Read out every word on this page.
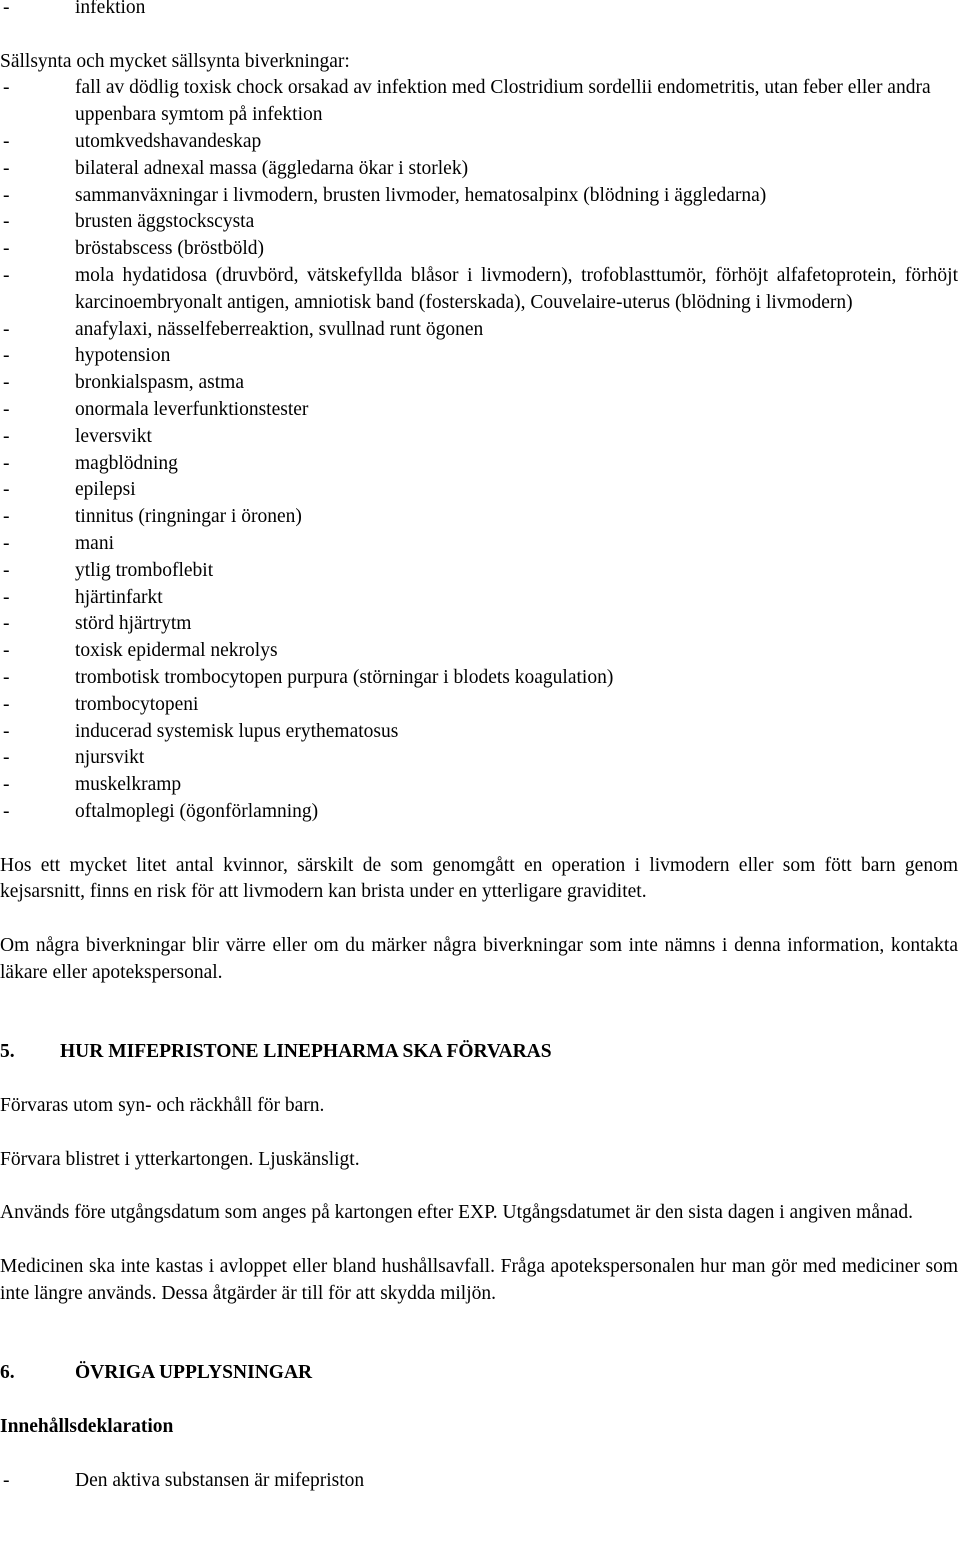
-	infektion

Sällsynta och mycket sällsynta biverkningar:

-	fall av dödlig toxisk chock orsakad av infektion med Clostridium sordellii endometritis, utan feber eller andra uppenbara symtom på infektion
-	utomkvedshavandeskap
-	bilateral adnexal massa (äggledarna ökar i storlek)
-	sammanväxningar i livmodern, brusten livmoder, hematosalpinx (blödning i äggledarna)
-	brusten äggstockscysta
-	bröstabscess (bröstböld)
-	mola hydatidosa (druvbörd, vätskefyllda blåsor i livmodern), trofoblasttumör, förhöjt alfafetoprotein, förhöjt karcinoembryonalt antigen, amniotisk band (fosterskada), Couvelaire-uterus (blödning i livmodern)
-	anafylaxi, nässelfeberreaktion, svullnad runt ögonen
-	hypotension
-	bronkialspasm, astma
-	onormala leverfunktionstester
-	leversvikt
-	magblödning
-	epilepsi
-	tinnitus (ringningar i öronen)
-	mani
-	ytlig tromboflebit
-	hjärtinfarkt
-	störd hjärtrytm
-	toxisk epidermal nekrolys
-	trombotisk trombocytopen purpura (störningar i blodets koagulation)
-	trombocytopeni
-	inducerad systemisk lupus erythematosus
-	njursvikt
-	muskelkramp
-	oftalmoplegi (ögonförlamning)

Hos ett mycket litet antal kvinnor, särskilt de som genomgått en operation i livmodern eller som fött barn genom kejsarsnitt, finns en risk för att livmodern kan brista under en ytterligare graviditet.

Om några biverkningar blir värre eller om du märker några biverkningar som inte nämns i denna information, kontakta läkare eller apotekspersonal.

5. HUR MIFEPRISTONE LINEPHARMA SKA FÖRVARAS

Förvaras utom syn- och räckhåll för barn.

Förvara blistret i ytterkartongen. Ljuskänsligt.

Används före utgångsdatum som anges på kartongen efter EXP. Utgångsdatumet är den sista dagen i angiven månad.

Medicinen ska inte kastas i avloppet eller bland hushållsavfall. Fråga apotekspersonalen hur man gör med mediciner som inte längre används. Dessa åtgärder är till för att skydda miljön.

6.	ÖVRIGA UPPLYSNINGAR

Innehållsdeklaration

-	Den aktiva substansen är mifepriston
